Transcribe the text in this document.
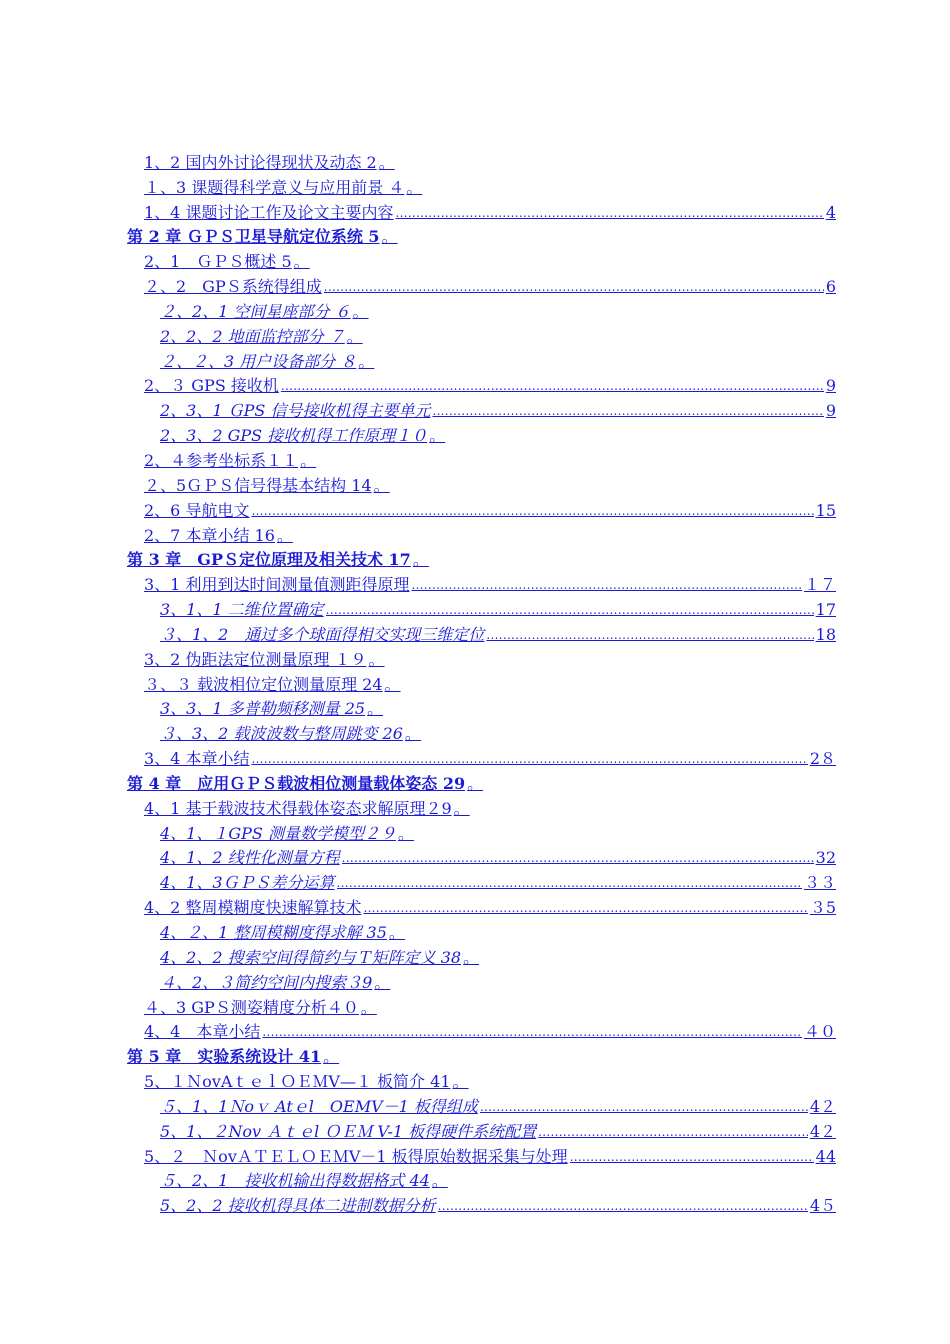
1、2 国内外讨论得现状及动态 2 。
１、3 课题得科学意义与应用前景 ４ 。
1、4 课题讨论工作及论文主要内容 .....	4
第 2 章 ＧＰＳ卫星导航定位系统 5 。
2、1　ＧＰＳ概述 5 。
２、2　GPＳ系统得组成 .....	6
２、2、1 空间星座部分 ６ 。
2、2、2 地面监控部分 ７ 。
２、２、3 用户设备部分 ８ 。
2、３ GPS 接收机 .....	9
2、3、1 ＧPS 信号接收机得主要单元 .....	9
2、3、2 GPS 接收机得工作原理１０ 。
2、４参考坐标系１１ 。
２、5ＧＰＳ信号得基本结构 14 。
2、6 导航电文 .....	15
2、7 本章小结 16 。
第 3 章　GPＳ定位原理及相关技术 17 。
3、1 利用到达时间测量值测距得原理 .....	１７
3、1、1 二维位置确定 .....	17
３、1、2　通过多个球面得相交实现三维定位 .....	18
3、2 伪距法定位测量原理 １９ 。
３、３ 载波相位定位测量原理 24 。
3、3、1 多普勒频移测量 25 。
３、3、2 载波波数与整周跳变 26 。
3、4 本章小结 .....	2８
第 4 章　应用ＧＰＳ载波相位测量载体姿态 29 。
4、1 基于载波技术得载体姿态求解原理２9 。
4、1、１GPS 测量数学模型２９ 。
4、1、2 线性化测量方程 .....	32
4、1、3ＧＰＳ差分运算 .....	３３
4、2 整周模糊度快速解算技术 .....	３5
4、２、1 整周模糊度得求解 35 。
4、2、2 搜索空间得简约与Ｔ矩阵定义 38 。
４、2、３简约空间内搜索３9 。
４、3 GPＳ测姿精度分析４０ 。
4、4　本章小结 .....	４０
第 5 章　实验系统设计 41 。
5、１ＮovAｔｅｌＯＥＭV—１ 板简介 41 。
５、1、1Ｎoｖ Atｅl　OEMV－1 板得组成 .....	4２
5、1、２Nov Ａｔｅl ＯＥＭ V-1 板得硬件系统配置 .....	4２
5、２　ＮovＡＴＥＬＯＥＭV－1 板得原始数据采集与处理 .....	44
５、2、1　接收机输出得数据格式 44 。
5、2、2 接收机得具体二进制数据分析 .....	4５
